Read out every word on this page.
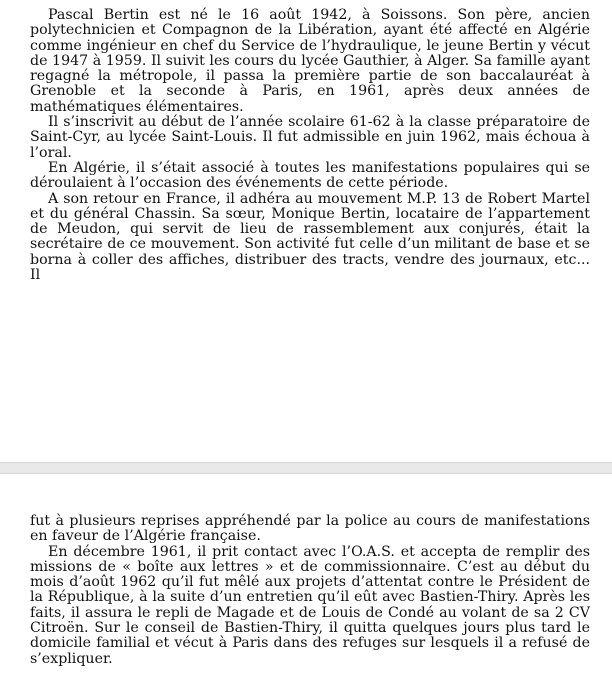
Pascal Bertin est né le 16 août 1942, à Soissons. Son père, ancien polytechnicien et Compagnon de la Libération, ayant été affecté en Algérie comme ingénieur en chef du Service de l’hydraulique, le jeune Bertin y vécut de 1947 à 1959. Il suivit les cours du lycée Gauthier, à Alger. Sa famille ayant regagné la métropole, il passa la première partie de son baccalauréat à Grenoble et la seconde à Paris, en 1961, après deux années de mathématiques élémentaires.

Il s’inscrivit au début de l’année scolaire 61-62 à la classe préparatoire de Saint-Cyr, au lycée Saint-Louis. Il fut admissible en juin 1962, mais échoua à l’oral.

En Algérie, il s’était associé à toutes les manifestations populaires qui se déroulaient à l’occasion des événements de cette période.

A son retour en France, il adhéra au mouvement M.P. 13 de Robert Martel et du général Chassin. Sa sœur, Monique Bertin, locataire de l’appartement de Meudon, qui servit de lieu de rassemblement aux conjurés, était la secrétaire de ce mouvement. Son activité fut celle d’un militant de base et se borna à coller des affiches, distribuer des tracts, vendre des journaux, etc... Il

fut à plusieurs reprises appréhendé par la police au cours de manifestations en faveur de l’Algérie française.

En décembre 1961, il prit contact avec l’O.A.S. et accepta de remplir des missions de « boîte aux lettres » et de commissionnaire. C’est au début du mois d’août 1962 qu’il fut mêlé aux projets d’attentat contre le Président de la République, à la suite d’un entretien qu’il eût avec Bastien-Thiry. Après les faits, il assura le repli de Magade et de Louis de Condé au volant de sa 2 CV Citroën. Sur le conseil de Bastien-Thiry, il quitta quelques jours plus tard le domicile familial et vécut à Paris dans des refuges sur lesquels il a refusé de s’expliquer.
